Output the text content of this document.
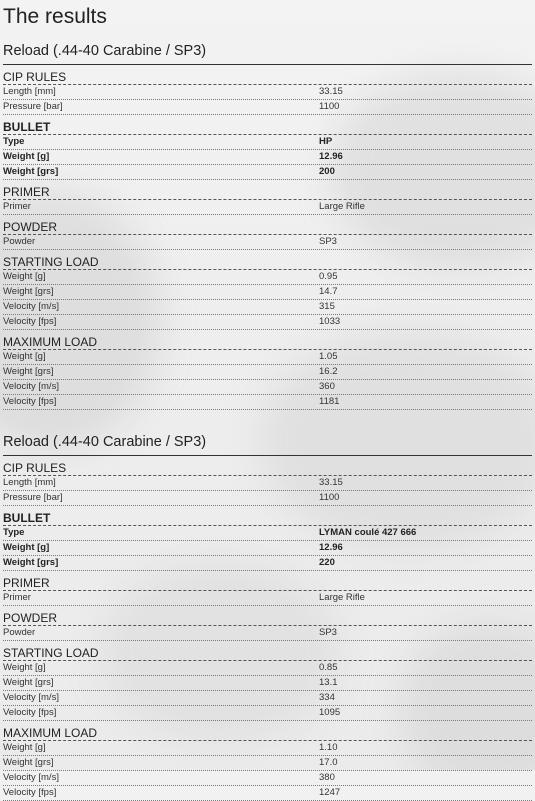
The results
Reload (.44-40 Carabine / SP3)
CIP RULES
Length [mm]	33.15
Pressure [bar]	1100
BULLET
Type	HP
Weight [g]	12.96
Weight [grs]	200
PRIMER
Primer	Large Rifle
POWDER
Powder	SP3
STARTING LOAD
Weight [g]	0.95
Weight [grs]	14.7
Velocity [m/s]	315
Velocity [fps]	1033
MAXIMUM LOAD
Weight [g]	1.05
Weight [grs]	16.2
Velocity [m/s]	360
Velocity [fps]	1181
Reload (.44-40 Carabine / SP3)
CIP RULES
Length [mm]	33.15
Pressure [bar]	1100
BULLET
Type	LYMAN coulé 427 666
Weight [g]	12.96
Weight [grs]	220
PRIMER
Primer	Large Rifle
POWDER
Powder	SP3
STARTING LOAD
Weight [g]	0.85
Weight [grs]	13.1
Velocity [m/s]	334
Velocity [fps]	1095
MAXIMUM LOAD
Weight [g]	1.10
Weight [grs]	17.0
Velocity [m/s]	380
Velocity [fps]	1247
